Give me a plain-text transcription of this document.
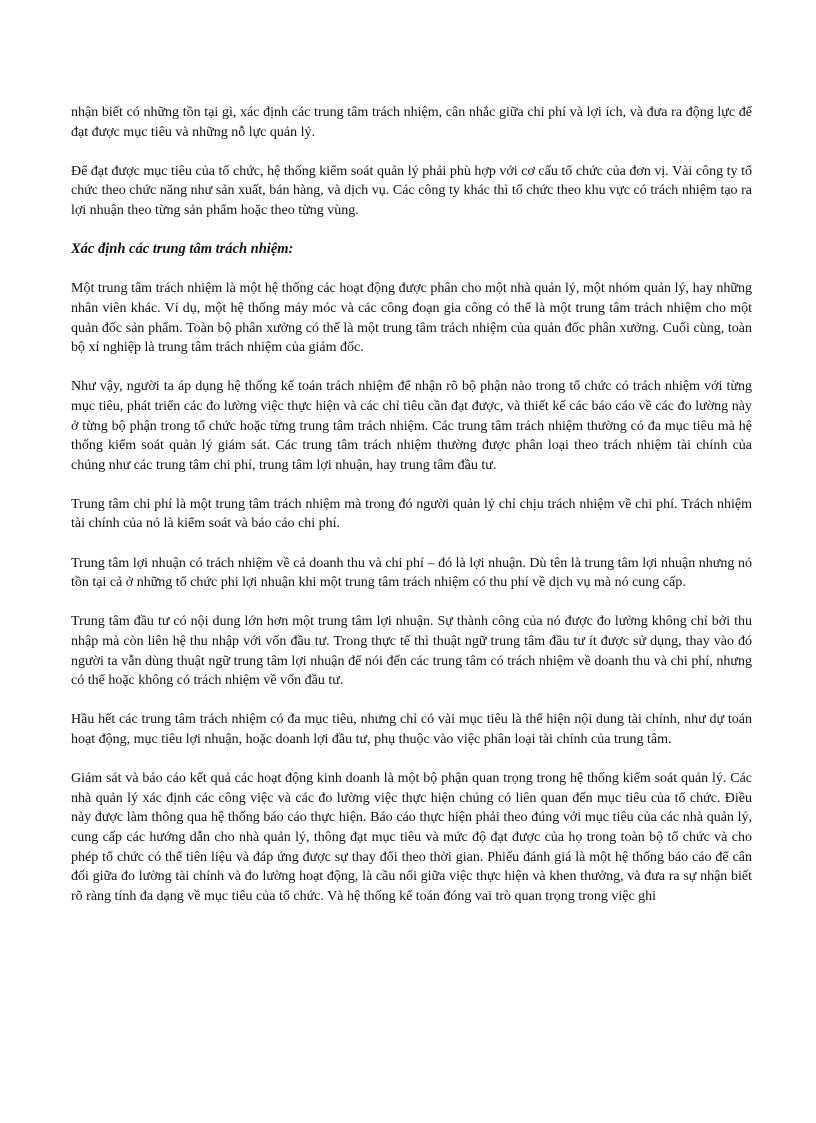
nhận biết có những tồn tại gì, xác định các trung tâm trách nhiệm, cân nhắc giữa chi phí và lợi ích, và đưa ra động lực để đạt được mục tiêu và những nỗ lực quản lý.

Để đạt được mục tiêu của tổ chức, hệ thống kiểm soát quản lý phải phù hợp với cơ cấu tổ chức của đơn vị. Vài công ty tổ chức theo chức năng như sản xuất, bán hàng, và dịch vụ. Các công ty khác thì tổ chức theo khu vực có trách nhiệm tạo ra lợi nhuận theo từng sản phẩm hoặc theo từng vùng.

Xác định các trung tâm trách nhiệm:

Một trung tâm trách nhiệm là một hệ thống các hoạt động được phân cho một nhà quản lý, một nhóm quản lý, hay những nhân viên khác. Ví dụ, một hệ thống máy móc và các công đoạn gia công có thể là một trung tâm trách nhiệm cho một quản đốc sản phẩm. Toàn bộ phân xưởng có thể là một trung tâm trách nhiệm của quản đốc phân xưởng. Cuối cùng, toàn bộ xí nghiệp là trung tâm trách nhiệm của giám đốc.

Như vậy, người ta áp dụng hệ thống kế toán trách nhiệm để nhận rõ bộ phận nào trong tổ chức có trách nhiệm với từng mục tiêu, phát triển các đo lường việc thực hiện và các chỉ tiêu cần đạt được, và thiết kế các báo cáo về các đo lường này ở từng bộ phận trong tổ chức hoặc từng trung tâm trách nhiệm. Các trung tâm trách nhiệm thường có đa mục tiêu mà hệ thống kiểm soát quản lý giám sát. Các trung tâm trách nhiệm thường được phân loại theo trách nhiệm tài chính của chúng như các trung tâm chi phí, trung tâm lợi nhuận, hay trung tâm đầu tư.

Trung tâm chi phí là một trung tâm trách nhiệm mà trong đó người quản lý chỉ chịu trách nhiệm về chi phí. Trách nhiệm tài chính của nó là kiểm soát và báo cáo chi phí.

Trung tâm lợi nhuận có trách nhiệm về cả doanh thu và chi phí – đó là lợi nhuận. Dù tên là trung tâm lợi nhuận nhưng nó tồn tại cả ở những tổ chức phi lợi nhuận khi một trung tâm trách nhiệm có thu phí về dịch vụ mà nó cung cấp.

Trung tâm đầu tư có nội dung lớn hơn một trung tâm lợi nhuận. Sự thành công của nó được đo lường không chỉ bởi thu nhập mà còn liên hệ thu nhập với vốn đầu tư. Trong thực tế thì thuật ngữ trung tâm đầu tư ít được sử dụng, thay vào đó người ta vẫn dùng thuật ngữ trung tâm lợi nhuận để nói đến các trung tâm có trách nhiệm về doanh thu và chi phí, nhưng có thể hoặc không có trách nhiệm về vốn đầu tư.

Hầu hết các trung tâm trách nhiệm có đa mục tiêu, nhưng chỉ có vài mục tiêu là thể hiện nội dung tài chính, như dự toán hoạt động, mục tiêu lợi nhuận, hoặc doanh lợi đầu tư, phụ thuộc vào việc phân loại tài chính của trung tâm.

Giám sát và báo cáo kết quả các hoạt động kinh doanh là một bộ phận quan trọng trong hệ thống kiểm soát quản lý. Các nhà quản lý xác định các công việc và các đo lường việc thực hiện chúng có liên quan đến mục tiêu của tổ chức. Điều này được làm thông qua hệ thống báo cáo thực hiện. Báo cáo thực hiện phải theo đúng với mục tiêu của các nhà quản lý, cung cấp các hướng dẫn cho nhà quản lý, thông đạt mục tiêu và mức độ đạt được của họ trong toàn bộ tổ chức và cho phép tổ chức có thể tiên liệu và đáp ứng được sự thay đổi theo thời gian. Phiếu đánh giá là một hệ thống báo cáo để cân đối giữa đo lường tài chính và đo lường hoạt động, là cầu nối giữa việc thực hiện và khen thưởng, và đưa ra sự nhận biết rõ ràng tính đa dạng về mục tiêu của tổ chức. Và hệ thống kế toán đóng vai trò quan trọng trong việc ghi
